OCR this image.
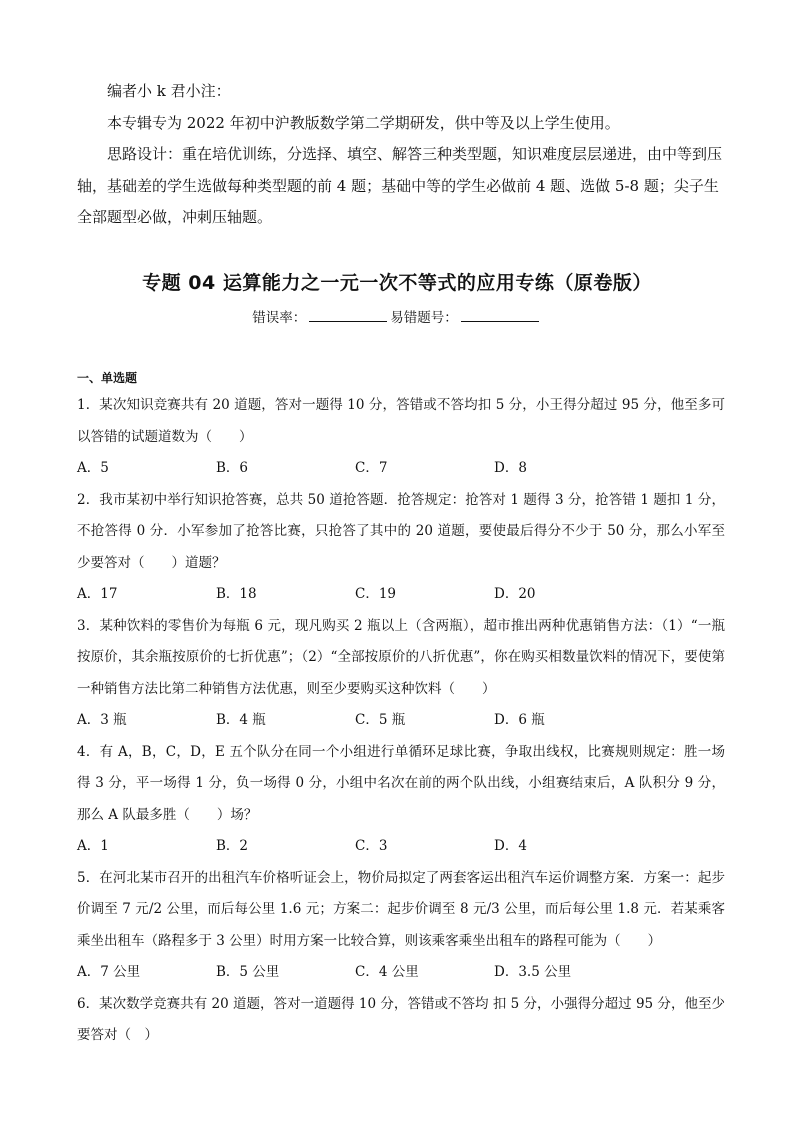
编者小 k 君小注：

本专辑专为 2022 年初中沪教版数学第二学期研发，供中等及以上学生使用。

思路设计：重在培优训练，分选择、填空、解答三种类型题，知识难度层层递进，由中等到压轴，基础差的学生选做每种类型题的前 4 题；基础中等的学生必做前 4 题、选做 5-8 题；尖子生全部题型必做，冲刺压轴题。

专题 04 运算能力之一元一次不等式的应用专练（原卷版）
错误率：	易错题号：
一、单选题

1．某次知识竞赛共有 20 道题，答对一题得 10 分，答错或不答均扣 5 分，小王得分超过 95 分，他至多可以答错的试题道数为（　　）

A．5	B．6	C．7	D．8

2．我市某初中举行知识抢答赛，总共 50 道抢答题．抢答规定：抢答对 1 题得 3 分，抢答错 1 题扣 1 分，不抢答得 0 分．小军参加了抢答比赛，只抢答了其中的 20 道题，要使最后得分不少于 50 分，那么小军至少要答对（　　）道题？

A．17	B．18	C．19	D．20

3．某种饮料的零售价为每瓶 6 元，现凡购买 2 瓶以上（含两瓶），超市推出两种优惠销售方法：（1）“一瓶按原价，其余瓶按原价的七折优惠”；（2）“全部按原价的八折优惠”，你在购买相数量饮料的情况下，要使第一种销售方法比第二种销售方法优惠，则至少要购买这种饮料（　　）

A．3 瓶	B．4 瓶	C．5 瓶	D．6 瓶

4．有 A，B，C，D，E 五个队分在同一个小组进行单循环足球比赛，争取出线权，比赛规则规定：胜一场得 3 分，平一场得 1 分，负一场得 0 分，小组中名次在前的两个队出线，小组赛结束后，A 队积分 9 分，那么 A 队最多胜（　　）场？

A．1	B．2	C．3	D．4

5．在河北某市召开的出租汽车价格听证会上，物价局拟定了两套客运出租汽车运价调整方案．方案一：起步价调至 7 元/2 公里，而后每公里 1.6 元；方案二：起步价调至 8 元/3 公里，而后每公里 1.8 元．若某乘客乘坐出租车（路程多于 3 公里）时用方案一比较合算，则该乘客乘坐出租车的路程可能为（　　）

A．7 公里	B．5 公里	C．4 公里	D．3.5 公里

6．某次数学竞赛共有 20 道题，答对一道题得 10 分，答错或不答均 扣 5 分，小强得分超过 95 分，他至少要答对（　）
